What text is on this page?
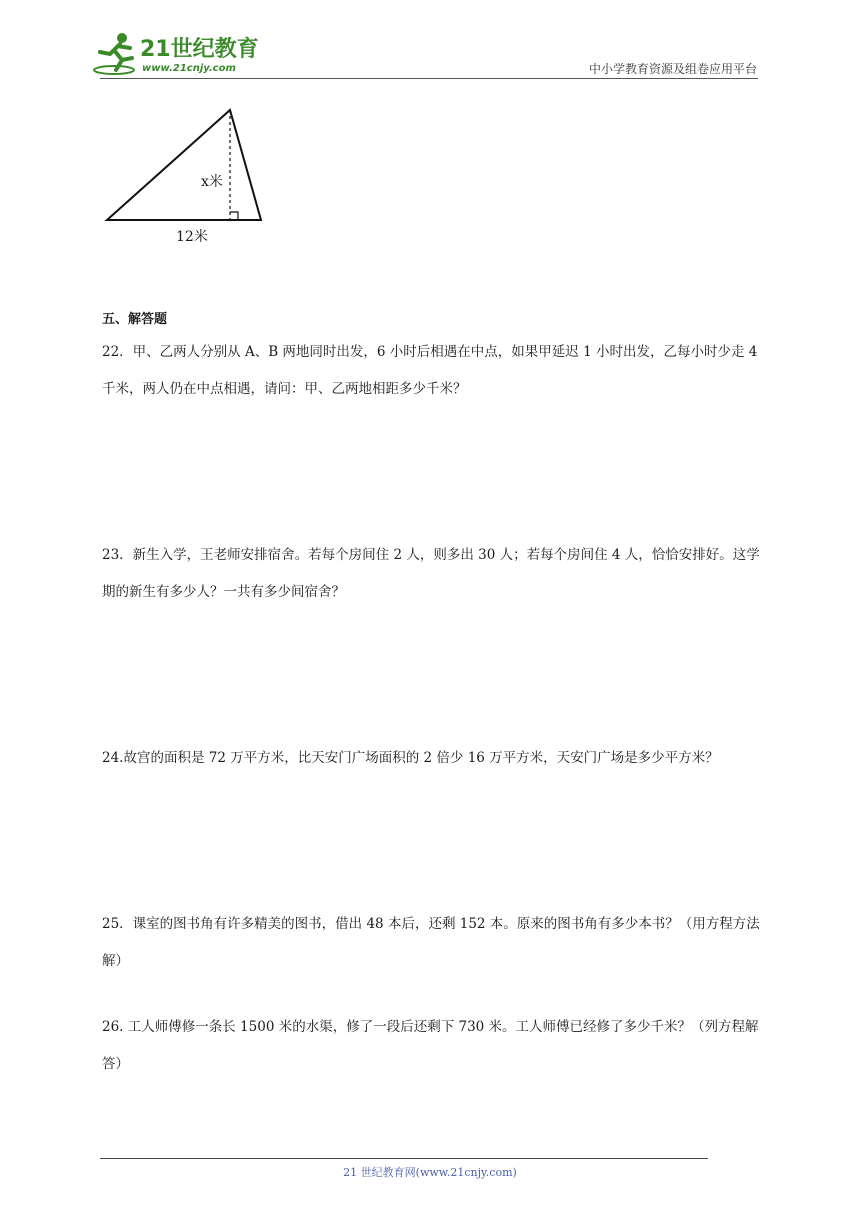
21世纪教育
www.21cnjy.com	中小学教育资源及组卷应用平台
x米
12米
五、解答题
22．甲、乙两人分别从 A、B 两地同时出发，6 小时后相遇在中点，如果甲延迟 1 小时出发，乙每小时少走 4 千米，两人仍在中点相遇，请问：甲、乙两地相距多少千米？
23．新生入学，王老师安排宿舍。若每个房间住 2 人，则多出 30 人；若每个房间住 4 人，恰恰安排好。这学期的新生有多少人？一共有多少间宿舍？
24.故宫的面积是 72 万平方米，比天安门广场面积的 2 倍少 16 万平方米，天安门广场是多少平方米？
25．课室的图书角有许多精美的图书，借出 48 本后，还剩 152 本。原来的图书角有多少本书？（用方程方法解）
26. 工人师傅修一条长 1500 米的水渠，修了一段后还剩下 730 米。工人师傅已经修了多少千米？（列方程解答）
21 世纪教育网(www.21cnjy.com)
